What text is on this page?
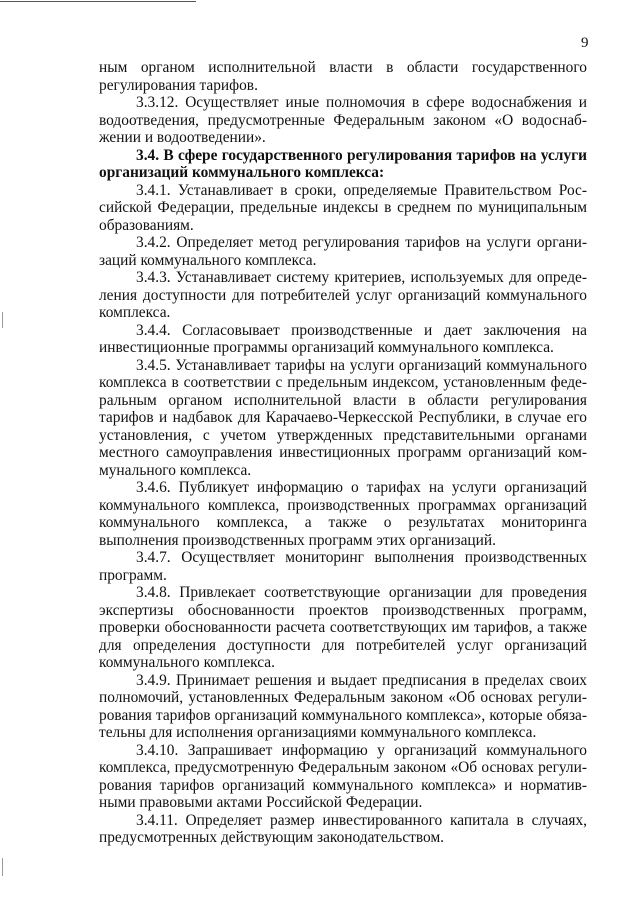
9

ным органом исполнительной власти в области государственного регулирования тарифов.

3.3.12. Осуществляет иные полномочия в сфере водоснабжения и водоотведения, предусмотренные Федеральным законом «О водоснабжении и водоотведении».

3.4. В сфере государственного регулирования тарифов на услуги организаций коммунального комплекса:

3.4.1. Устанавливает в сроки, определяемые Правительством Российской Федерации, предельные индексы в среднем по муниципальным образованиям.

3.4.2. Определяет метод регулирования тарифов на услуги организаций коммунального комплекса.

3.4.3. Устанавливает систему критериев, используемых для определения доступности для потребителей услуг организаций коммунального комплекса.

3.4.4. Согласовывает производственные и дает заключения на инвестиционные программы организаций коммунального комплекса.

3.4.5. Устанавливает тарифы на услуги организаций коммунального комплекса в соответствии с предельным индексом, установленным федеральным органом исполнительной власти в области регулирования тарифов и надбавок для Карачаево-Черкесской Республики, в случае его установления, с учетом утвержденных представительными органами местного самоуправления инвестиционных программ организаций коммунального комплекса.

3.4.6. Публикует информацию о тарифах на услуги организаций коммунального комплекса, производственных программах организаций коммунального комплекса, а также о результатах мониторинга выполнения производственных программ этих организаций.

3.4.7. Осуществляет мониторинг выполнения производственных программ.

3.4.8. Привлекает соответствующие организации для проведения экспертизы обоснованности проектов производственных программ, проверки обоснованности расчета соответствующих им тарифов, а также для определения доступности для потребителей услуг организаций коммунального комплекса.

3.4.9. Принимает решения и выдает предписания в пределах своих полномочий, установленных Федеральным законом «Об основах регулирования тарифов организаций коммунального комплекса», которые обязательны для исполнения организациями коммунального комплекса.

3.4.10. Запрашивает информацию у организаций коммунального комплекса, предусмотренную Федеральным законом «Об основах регулирования тарифов организаций коммунального комплекса» и нормативными правовыми актами Российской Федерации.

3.4.11. Определяет размер инвестированного капитала в случаях, предусмотренных действующим законодательством.
